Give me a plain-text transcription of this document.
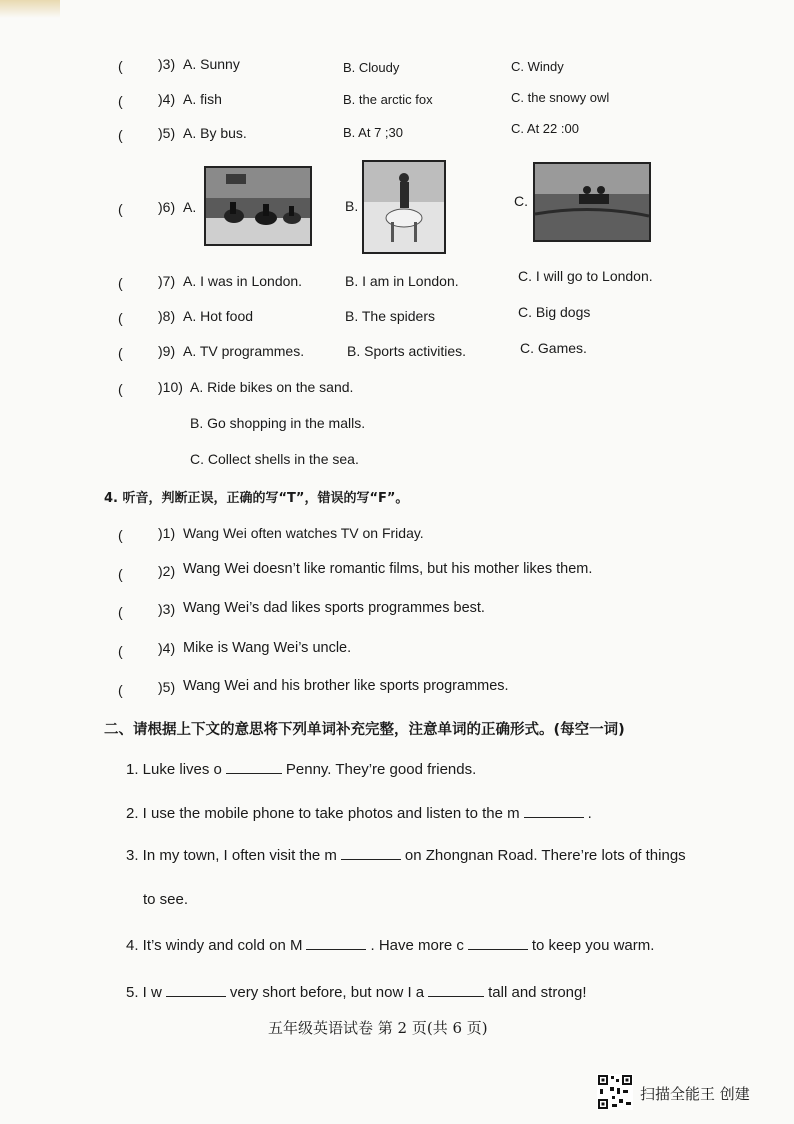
(	)3) A. Sunny	B. Cloudy	C. Windy
(	)4) A. fish	B. the arctic fox	C. the snowy owl
(	)5) A. By bus.	B. At 7 ;30	C. At 22 :00
(	)6) A.	B.	C.
(	)7) A. I was in London.	B. I am in London.	C. I will go to London.
(	)8) A. Hot food	B. The spiders	C. Big dogs
(	)9) A. TV programmes.	B. Sports activities.	C. Games.
(	)10) A. Ride bikes on the sand.
B. Go shopping in the malls.
C. Collect shells in the sea.
4. 听音，判断正误，正确的写“T”，错误的写“F”。
(	)1) Wang Wei often watches TV on Friday.
(	)2) Wang Wei doesn’t like romantic films, but his mother likes them.
(	)3) Wang Wei’s dad likes sports programmes best.
(	)4) Mike is Wang Wei’s uncle.
(	)5) Wang Wei and his brother like sports programmes.
二、请根据上下文的意思将下列单词补充完整，注意单词的正确形式。(每空一词)
1. Luke lives o	Penny. They’re good friends.
2. I use the mobile phone to take photos and listen to the m	.
3. In my town, I often visit the m	on Zhongnan Road. There’re lots of things
to see.
4. It’s windy and cold on M	. Have more c	to keep you warm.
5. I w	very short before, but now I a	tall and strong!
五年级英语试卷 第 2 页(共 6 页)
扫描全能王 创建
